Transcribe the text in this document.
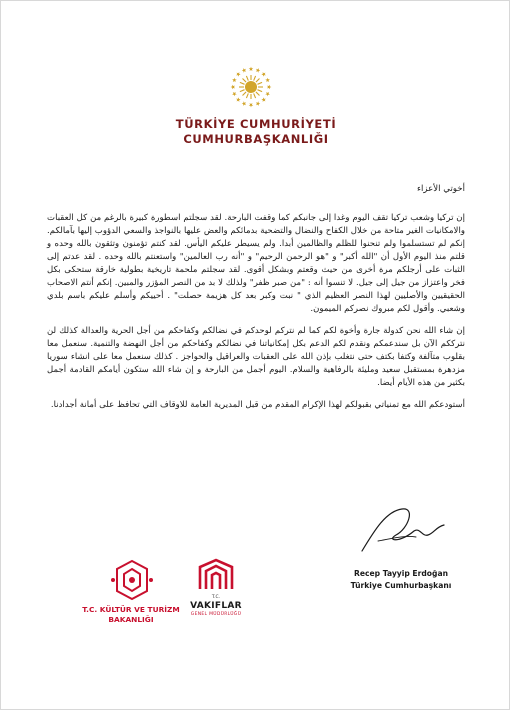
TÜRKİYE CUMHURİYETİ
CUMHURBAŞKANLIĞI

أخوتي الأعزاء

إن تركيا وشعب تركيا تقف اليوم وغدا إلى جانبكم كما وقفت البارحة. لقد سجلتم اسطورة كبيرة بالرغم من كل العقبات والامكانيات الغير متاحة من خلال الكفاح والنضال والتضحية بدمائكم والعض عليها بالنواجذ والسعي الدؤوب إليها بآمالكم. إنكم لم تستسلموا ولم تنحنوا للظلم والظالمين أبدا. ولم يسيطر عليكم اليأس. لقد كنتم تؤمنون وتثقون بالله وحده و قلتم منذ اليوم الأول أن "الله أكبر" و "هو الرحمن الرحيم" و "أنه رب العالمين" واستعنتم بالله وحده . لقد عدتم إلى الثبات على أرجلكم مرة أخرى من حيث وقعتم وبشكل أقوى. لقد سجلتم ملحمة تاريخية بطولية خارقة ستحكى بكل فخر واعتزاز من جيل إلى جيل. لا تنسوا أنه : "من صبر ظفر" ولذلك لا بد من النصر المؤزر والمبين. إنكم أنتم الاصحاب الحقيقيين والأصليين لهذا النصر العظيم الذي " نبت وكبر بعد كل هزيمة حصلت" . أحييكم وأسلم عليكم باسم بلدي وشعبي. وأقول لكم مبروك نصركم الميمون.

إن شاء الله نحن كدولة جارة وأخوة لكم كما لم نتركم لوحدكم في نضالكم وكفاحكم من أجل الحرية والعدالة كذلك لن نترككم الآن بل سندعمكم ونقدم لكم الدعم بكل إمكانياتنا في نضالكم وكفاحكم من أجل النهضة والتنمية. سنعمل معا بقلوب متآلفة وكتفا بكتف حتى نتغلب بإذن الله على العقبات والعراقيل والحواجز . كذلك سنعمل معا على انشاء سوريا مزدهرة بمستقبل سعيد ومليئة بالرفاهية والسلام. اليوم أجمل من البارحة و إن شاء الله ستكون أيامكم القادمة أجمل بكثير من هذه الأيام أيضا.

أستودعكم الله مع تمنياتي بقبولكم لهذا الإكرام المقدم من قبل المديرية العامة للاوقاف التي تحافظ على أمانة أجدادنا.

Recep Tayyip Erdoğan
Türkiye Cumhurbaşkanı
T.C. KÜLTÜR VE TURİZM
BAKANLIĞI
T.C.
VAKIFLAR
GENEL MÜDÜRLÜĞÜ
